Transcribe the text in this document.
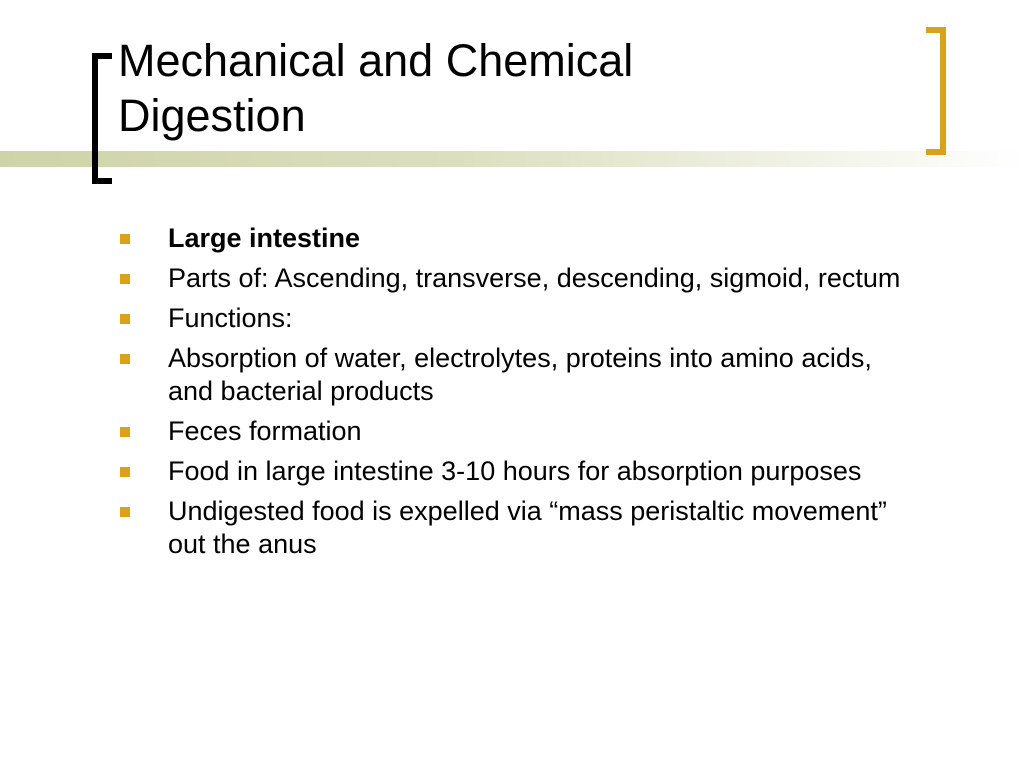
Mechanical and Chemical
Digestion
Large intestine
Parts of: Ascending, transverse, descending, sigmoid, rectum
Functions:
Absorption of water, electrolytes, proteins into amino acids, and bacterial products
Feces formation
Food in large intestine 3-10 hours for absorption purposes
Undigested food is expelled via “mass peristaltic movement” out the anus
